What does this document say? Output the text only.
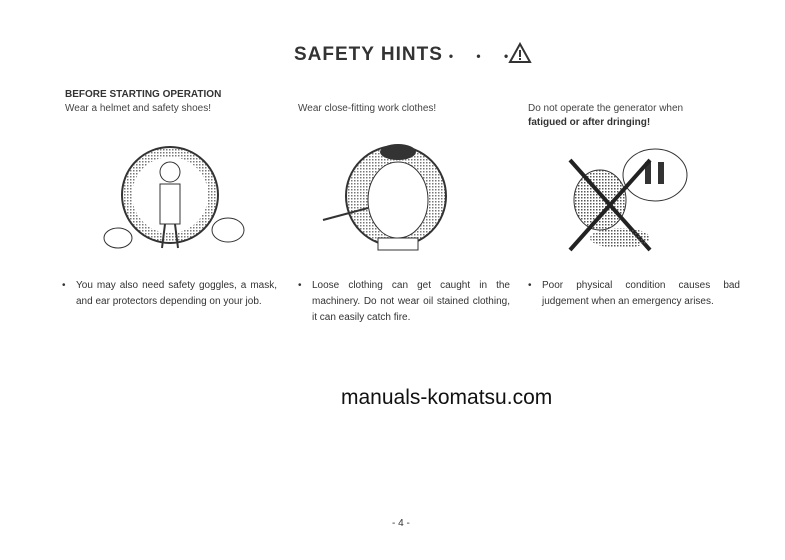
SAFETY HINTS • • •
BEFORE STARTING OPERATION
Wear a helmet and safety shoes!	Wear close-fitting work clothes!	Do not operate the generator when
fatigued or after dringing!
• You may also need safety goggles, a mask, and ear protectors depending on your job.
• Loose clothing can get caught in the machinery. Do not wear oil stained clothing, it can easily catch fire.
• Poor physical condition causes bad judgement when an emergency arises.
manuals-komatsu.com
- 4 -
